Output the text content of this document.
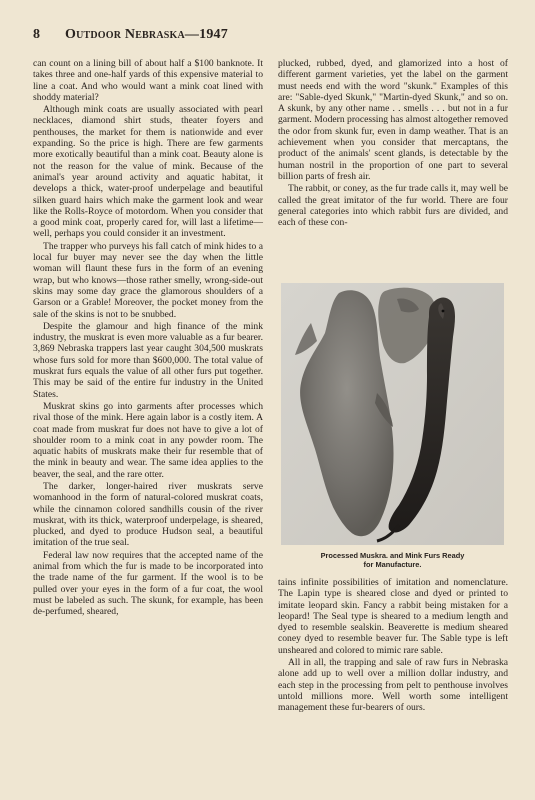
8 Outdoor Nebraska—1947

can count on a lining bill of about half a $100 banknote. It takes three and one-half yards of this expensive material to line a coat. And who would want a mink coat lined with shoddy material?

Although mink coats are usually associated with pearl necklaces, diamond shirt studs, theater foyers and penthouses, the market for them is nationwide and ever expanding. So the price is high. There are few garments more exotically beautiful than a mink coat. Beauty alone is not the reason for the value of mink. Because of the animal's year around activity and aquatic habitat, it develops a thick, water-proof underpelage and beautiful silken guard hairs which make the garment look and wear like the Rolls-Royce of motordom. When you consider that a good mink coat, properly cared for, will last a lifetime—well, perhaps you could consider it an investment.

The trapper who purveys his fall catch of mink hides to a local fur buyer may never see the day when the little woman will flaunt these furs in the form of an evening wrap, but who knows—those rather smelly, wrong-side-out skins may some day grace the glamorous shoulders of a Garson or a Grable! Moreover, the pocket money from the sale of the skins is not to be snubbed.

Despite the glamour and high finance of the mink industry, the muskrat is even more valuable as a fur bearer. 3,869 Nebraska trappers last year caught 304,500 muskrats whose furs sold for more than $600,000. The total value of muskrat furs equals the value of all other furs put together. This may be said of the entire fur industry in the United States.

Muskrat skins go into garments after processes which rival those of the mink. Here again labor is a costly item. A coat made from muskrat fur does not have to give a lot of shoulder room to a mink coat in any powder room. The aquatic habits of muskrats make their fur resemble that of the mink in beauty and wear. The same idea applies to the beaver, the seal, and the rare otter.

The darker, longer-haired river muskrats serve womanhood in the form of natural-colored muskrat coats, while the cinnamon colored sandhills cousin of the river muskrat, with its thick, waterproof underpelage, is sheared, plucked, and dyed to produce Hudson seal, a beautiful imitation of the true seal.

Federal law now requires that the accepted name of the animal from which the fur is made to be incorporated into the trade name of the fur garment. If the wool is to be pulled over your eyes in the form of a fur coat, the wool must be labeled as such. The skunk, for example, has been de-perfumed, sheared,

plucked, rubbed, dyed, and glamorized into a host of different garment varieties, yet the label on the garment must needs end with the word "skunk." Examples of this are: "Sable-dyed Skunk," "Martin-dyed Skunk," and so on. A skunk, by any other name . . smells . . . but not in a fur garment. Modern processing has almost altogether removed the odor from skunk fur, even in damp weather. That is an achievement when you consider that mercaptans, the product of the animals' scent glands, is detectable by the human nostril in the proportion of one part to several billion parts of fresh air.

The rabbit, or coney, as the fur trade calls it, may well be called the great imitator of the fur world. There are four general categories into which rabbit furs are divided, and each of these con-

Processed Muskra. and Mink Furs Ready
for Manufacture.

tains infinite possibilities of imitation and nomenclature. The Lapin type is sheared close and dyed or printed to imitate leopard skin. Fancy a rabbit being mistaken for a leopard! The Seal type is sheared to a medium length and dyed to resemble sealskin. Beaverette is medium sheared coney dyed to resemble beaver fur. The Sable type is left unsheared and colored to mimic rare sable.

All in all, the trapping and sale of raw furs in Nebraska alone add up to well over a million dollar industry, and each step in the processing from pelt to penthouse involves untold millions more. Well worth some intelligent management these fur-bearers of ours.
